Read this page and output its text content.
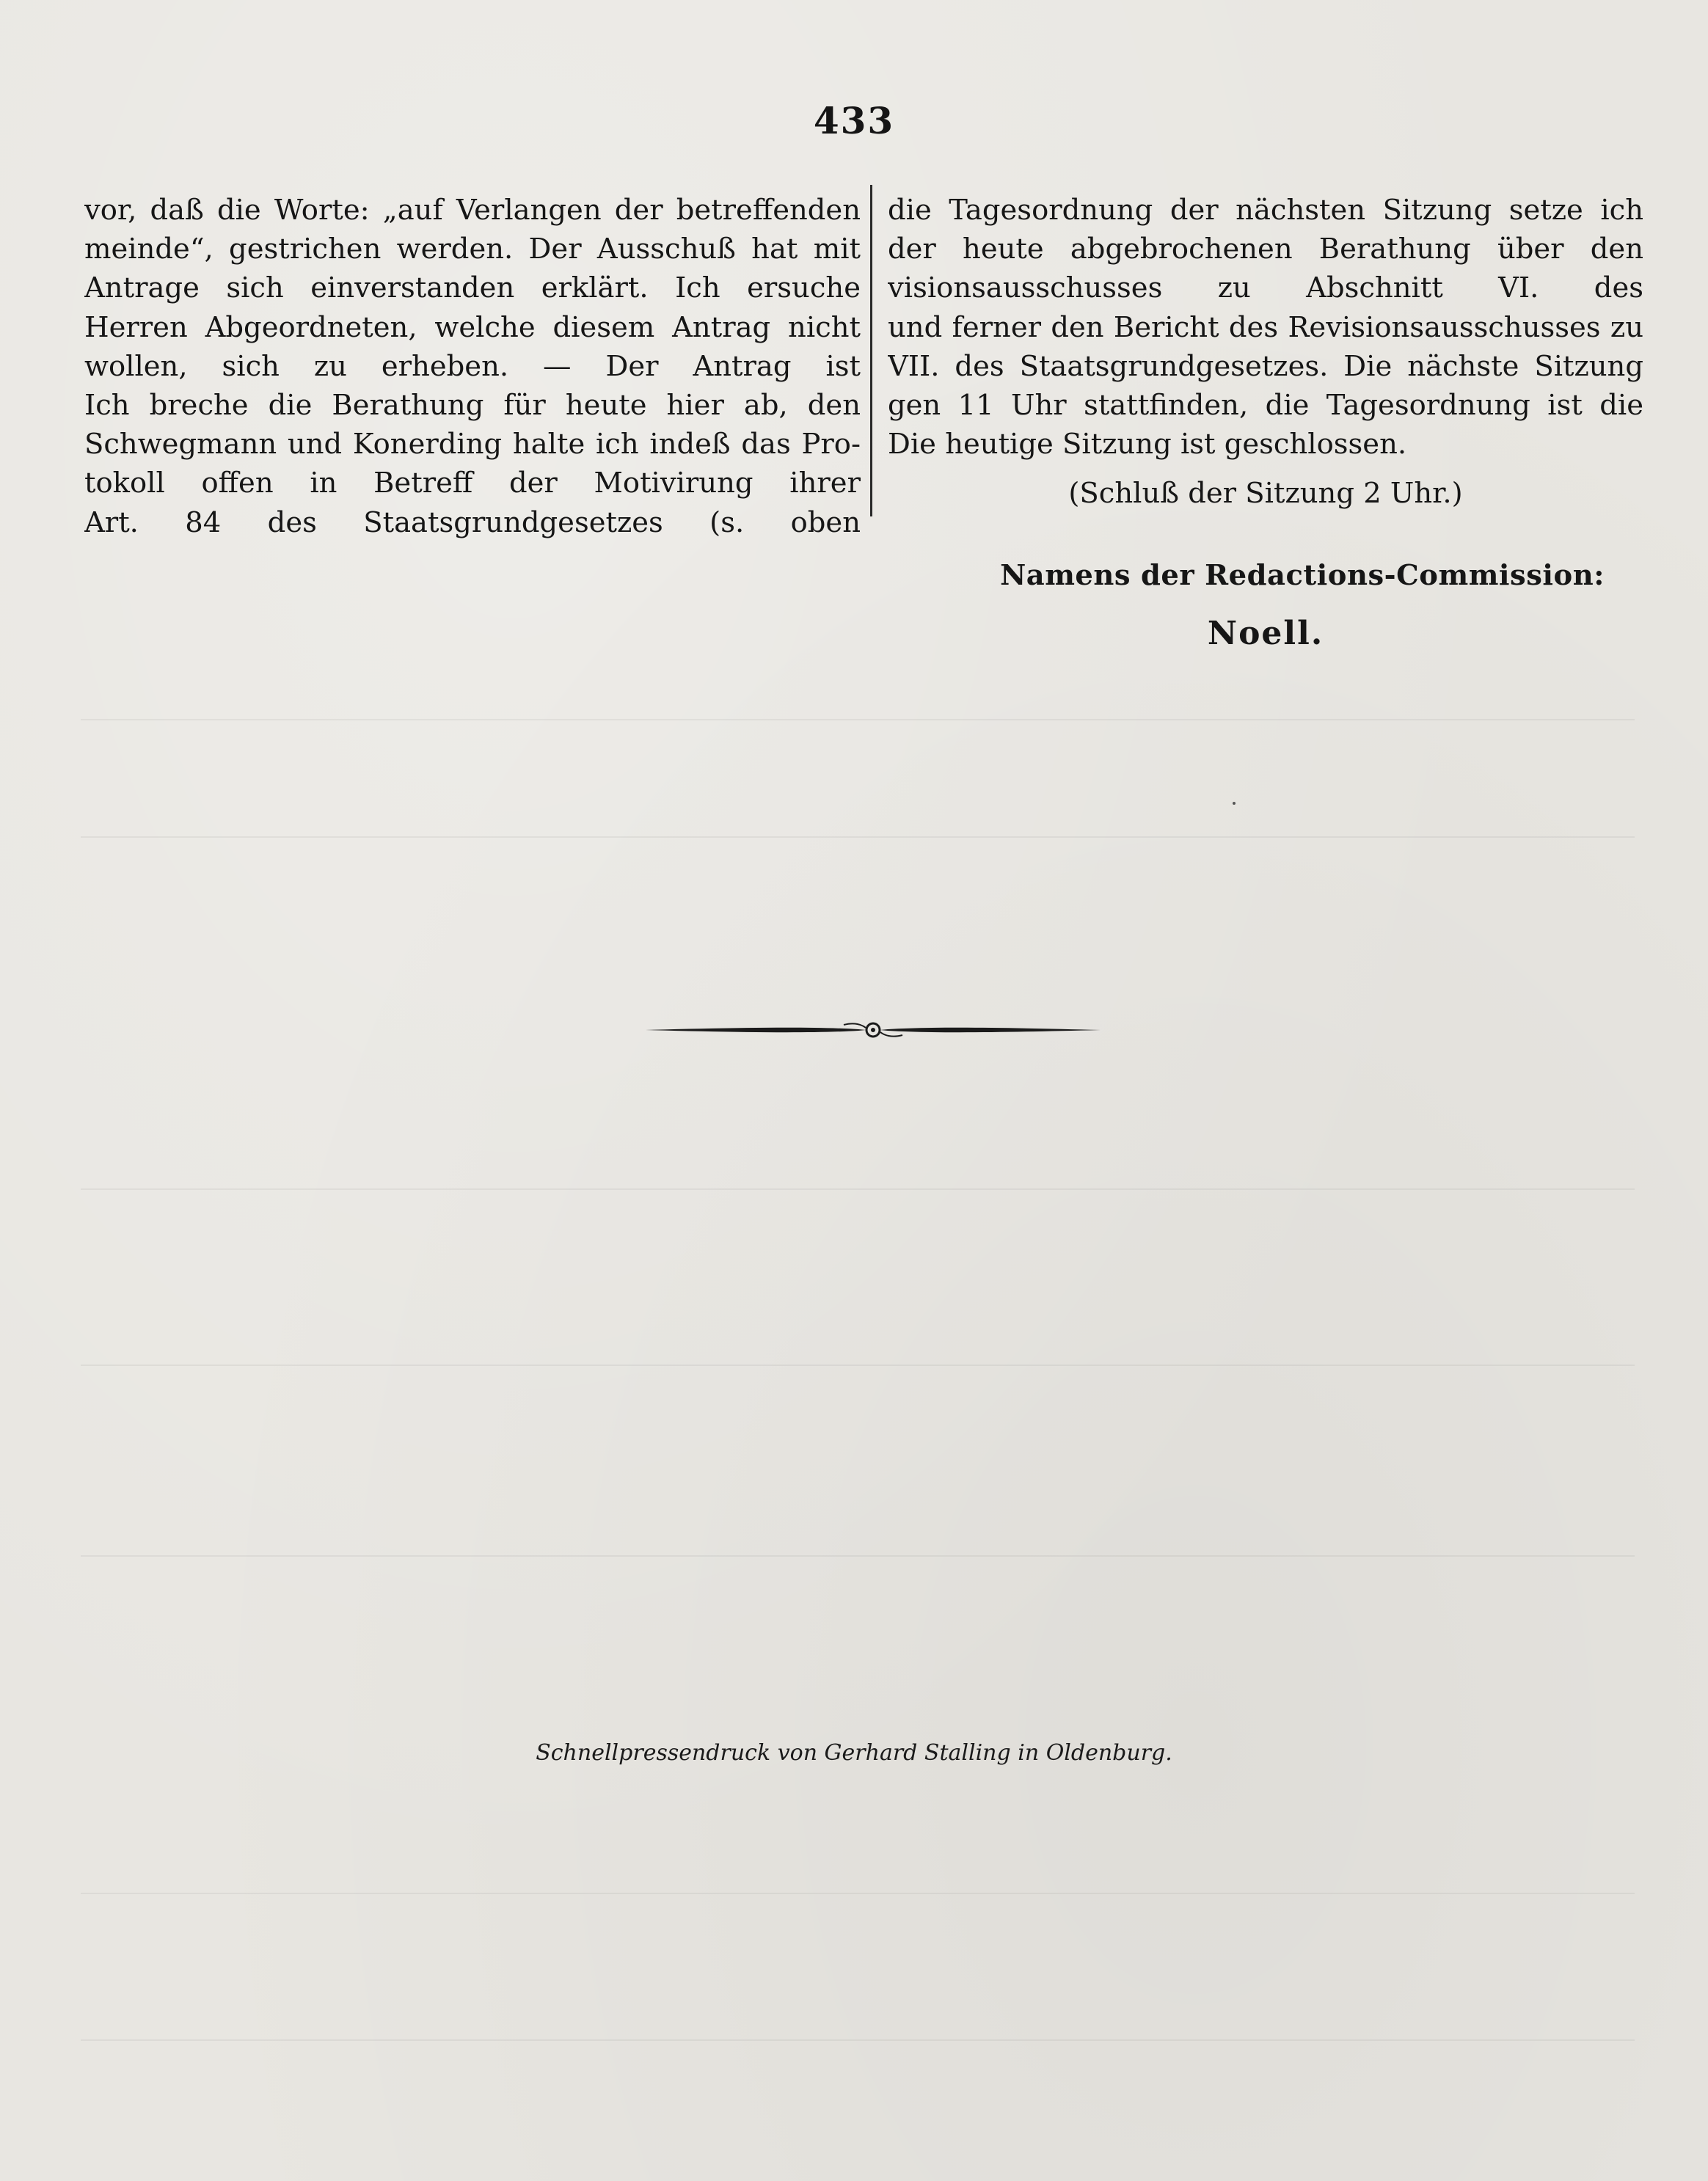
433
vor, daß die Worte: „auf Verlangen der betreffenden
meinde“, gestrichen werden. Der Ausschuß hat mit
Antrage sich einverstanden erklärt. Ich ersuche
Herren Abgeordneten, welche diesem Antrag nicht
wollen, sich zu erheben. — Der Antrag ist
Ich breche die Berathung für heute hier ab, den
Schwegmann und Konerding halte ich indeß das Pro-
tokoll offen in Betreff der Motivirung ihrer
Art. 84 des Staatsgrundgesetzes (s. oben
die Tagesordnung der nächsten Sitzung setze ich
der heute abgebrochenen Berathung über den
visionsausschusses zu Abschnitt VI. des
und ferner den Bericht des Revisionsausschusses zu
VII. des Staatsgrundgesetzes. Die nächste Sitzung
gen 11 Uhr stattfinden, die Tagesordnung ist die
Die heutige Sitzung ist geschlossen.
(Schluß der Sitzung 2 Uhr.)
Namens der Redactions-Commission:
Noell.
Schnellpressendruck von Gerhard Stalling in Oldenburg.
